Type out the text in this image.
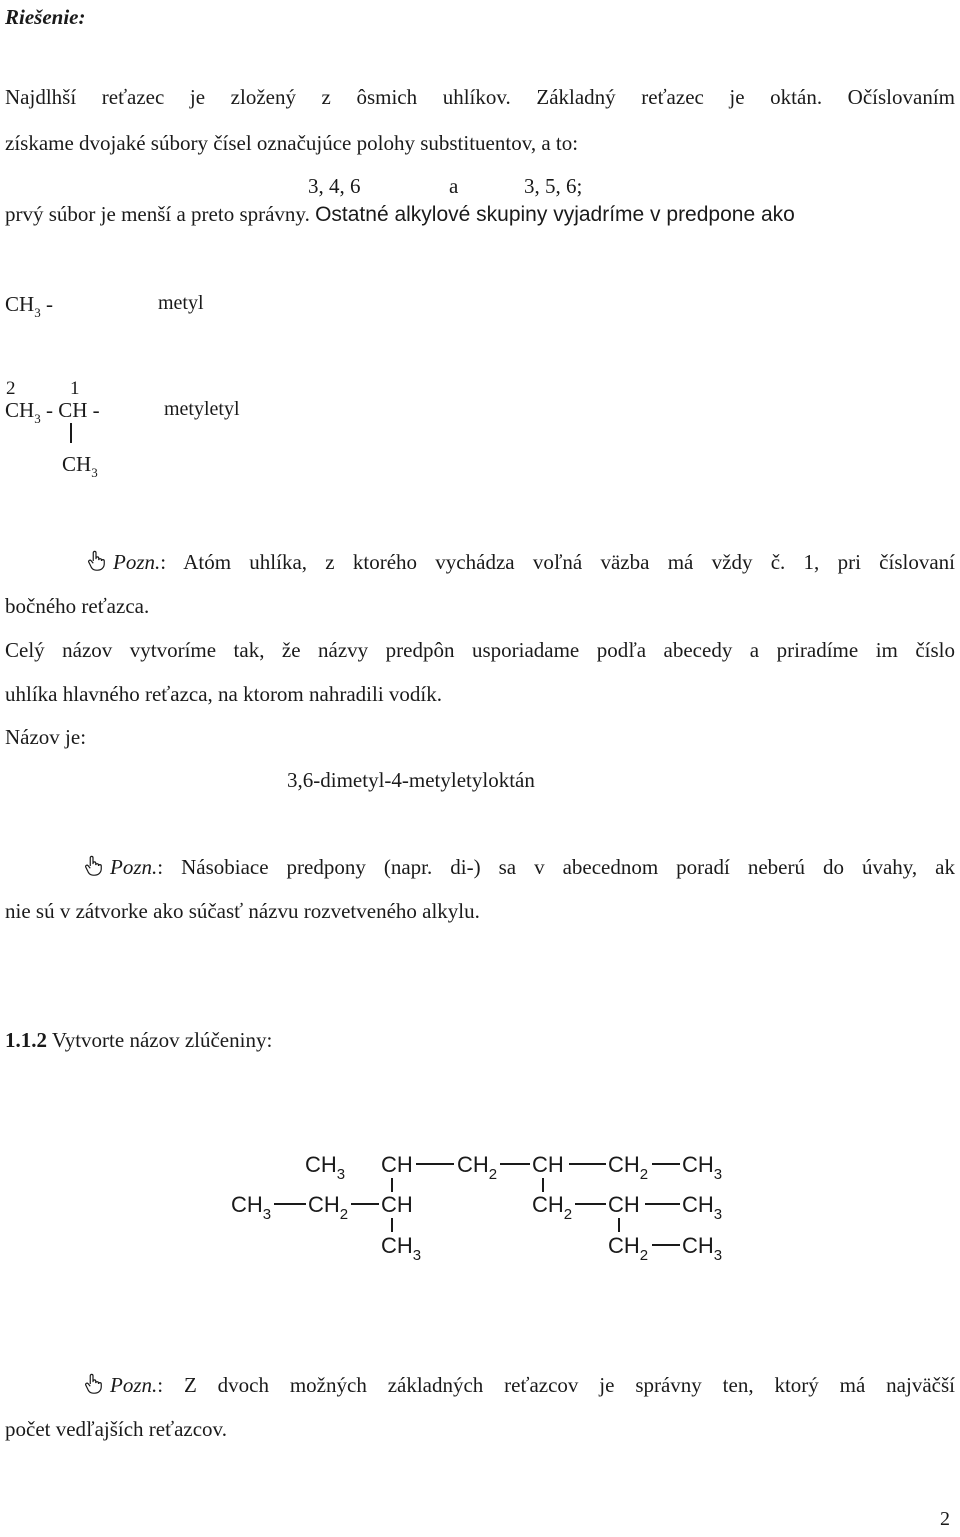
Riešenie:
Najdlhší reťazec je zložený z ôsmich uhlíkov. Základný reťazec je oktán. Očíslovaním
získame dvojaké súbory čísel označujúce polohy substituentov, a to:
3, 4, 6	a	3, 5, 6;
prvý súbor je menší a preto správny. Ostatné alkylové skupiny vyjadríme v predpone ako
$CH_3$ -	metyl
2	1
$CH_3$ - CH -
$CH_3$
metyletyl
Pozn.: Atóm uhlíka, z ktorého vychádza voľná väzba má vždy č. 1, pri číslovaní
bočného reťazca.
Celý názov vytvoríme tak, že názvy predpôn usporiadame podľa abecedy a priradíme im číslo
uhlíka hlavného reťazca, na ktorom nahradili vodík.
Názov je:
3,6-dimetyl-4-metyletyloktán
Pozn.: Násobiace predpony (napr. di-) sa v abecednom poradí neberú do úvahy, ak
nie sú v zátvorke ako súčasť názvu rozvetveného alkylu.
1.1.2 Vytvorte názov zlúčeniny:
$CH_3$ CH $CH_2$ CH $CH_2$ $CH_3$
$CH_3$ $CH_2$ CH	$CH_2$ CH $CH_3$
$CH_3$	$CH_2$ $CH_3$
Pozn.: Z dvoch možných základných reťazcov je správny ten, ktorý má najväčší
počet vedľajších reťazcov.
2
